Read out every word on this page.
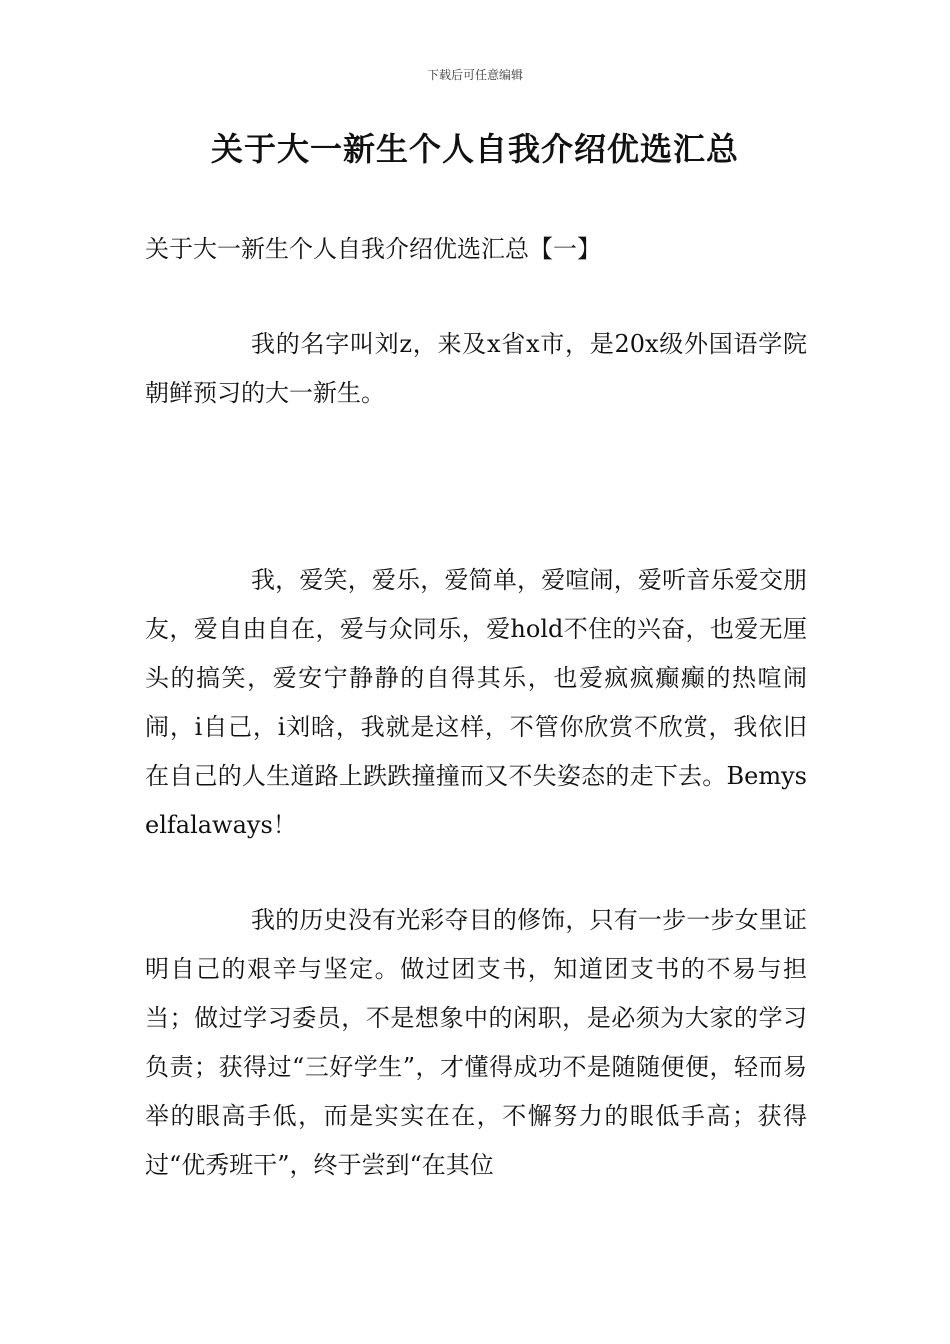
下载后可任意编辑
关于大一新生个人自我介绍优选汇总

关于大一新生个人自我介绍优选汇总【一】

我的名字叫刘z，来及x省x市，是20x级外国语学院朝鲜预习的大一新生。

我，爱笑，爱乐，爱简单，爱喧闹，爱听音乐爱交朋友，爱自由自在，爱与众同乐，爱hold不住的兴奋，也爱无厘头的搞笑，爱安宁静静的自得其乐，也爱疯疯癫癫的热喧闹闹，i自己，i刘晗，我就是这样，不管你欣赏不欣赏，我依旧在自己的人生道路上跌跌撞撞而又不失姿态的走下去。Bemyselfalaways！

我的历史没有光彩夺目的修饰，只有一步一步女里证明自己的艰辛与坚定。做过团支书，知道团支书的不易与担当；做过学习委员，不是想象中的闲职，是必须为大家的学习负责；获得过“三好学生”，才懂得成功不是随随便便，轻而易举的眼高手低，而是实实在在，不懈努力的眼低手高；获得过“优秀班干”，终于尝到“在其位
